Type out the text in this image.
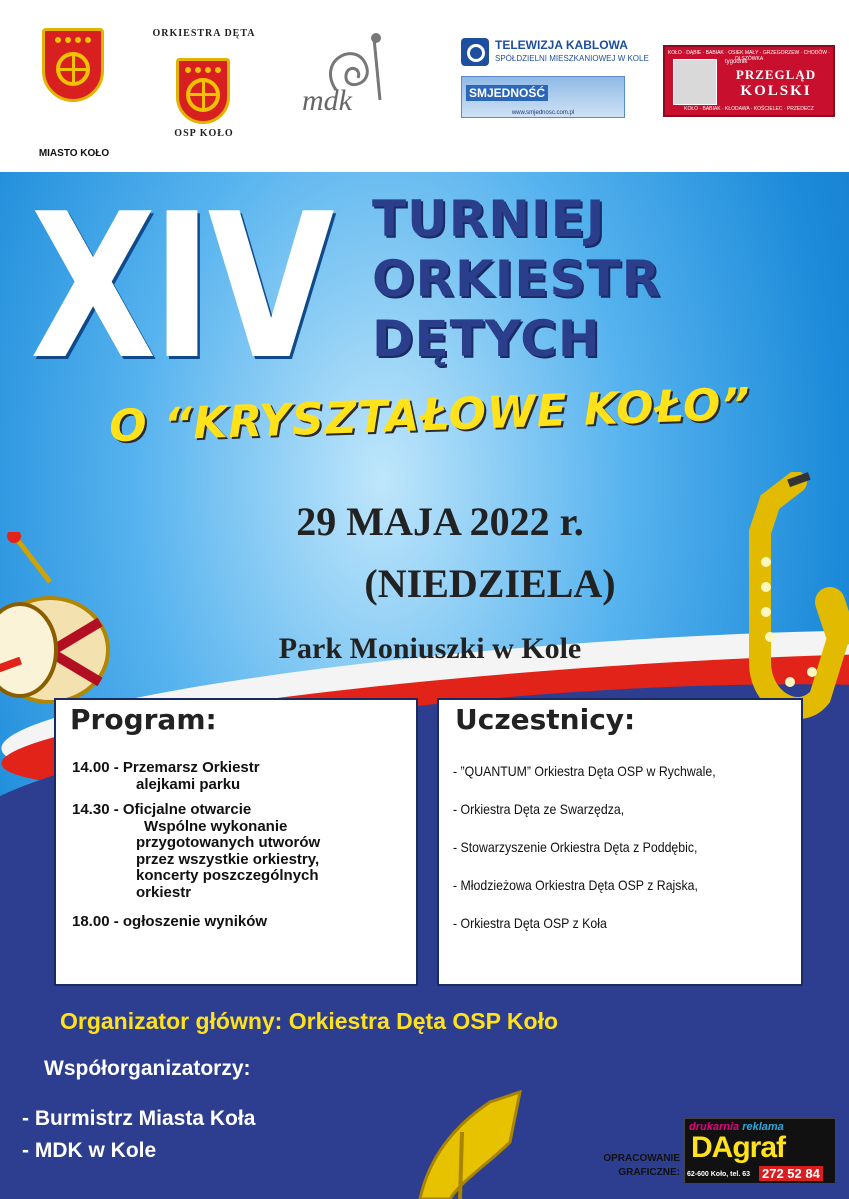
MIASTO KOŁO
ORKIESTRA DĘTA
OSP KOŁO
mdk
TELEWIZJA KABLOWA
SPÓŁDZIELNI MIESZKANIOWEJ W KOLE
SMJEDNOŚĆ
www.smjednosc.com.pl
KOŁO · DĄBIE · BABIAK · OSIEK MAŁY · GRZEGORZEW · CHODÓW · OLSZÓWKA
tygodnik
PRZEGLĄD
KOLSKI
KOŁO · BABIAK · KŁODAWA · KOŚCIELEC · PRZEDECZ
XIV TURNIEJ
ORKIESTR
DĘTYCH
O “KRYSZTAŁOWE KOŁO”
29 MAJA 2022 r.
(NIEDZIELA)
Park Moniuszki w Kole
Program:
14.00 - Przemarsz Orkiestr
alejkami parku
14.30 - Oficjalne otwarcie
Wspólne wykonanie
przygotowanych utworów
przez wszystkie orkiestry,
koncerty poszczególnych
orkiestr
18.00 - ogłoszenie wyników
Uczestnicy:
- ”QUANTUM” Orkiestra Dęta OSP w Rychwale,
- Orkiestra Dęta ze Swarzędza,
- Stowarzyszenie Orkiestra Dęta z Poddębic,
- Młodzieżowa Orkiestra Dęta OSP z Rajska,
- Orkiestra Dęta OSP z Koła
Organizator główny: Orkiestra Dęta OSP Koło
Współorganizatorzy:
- Burmistrz Miasta Koła
- MDK w Kole	OPRACOWANIE
GRAFICZNE:
drukarnia reklama
DAgraf
62-600 Koło, tel. 63 272 52 84
